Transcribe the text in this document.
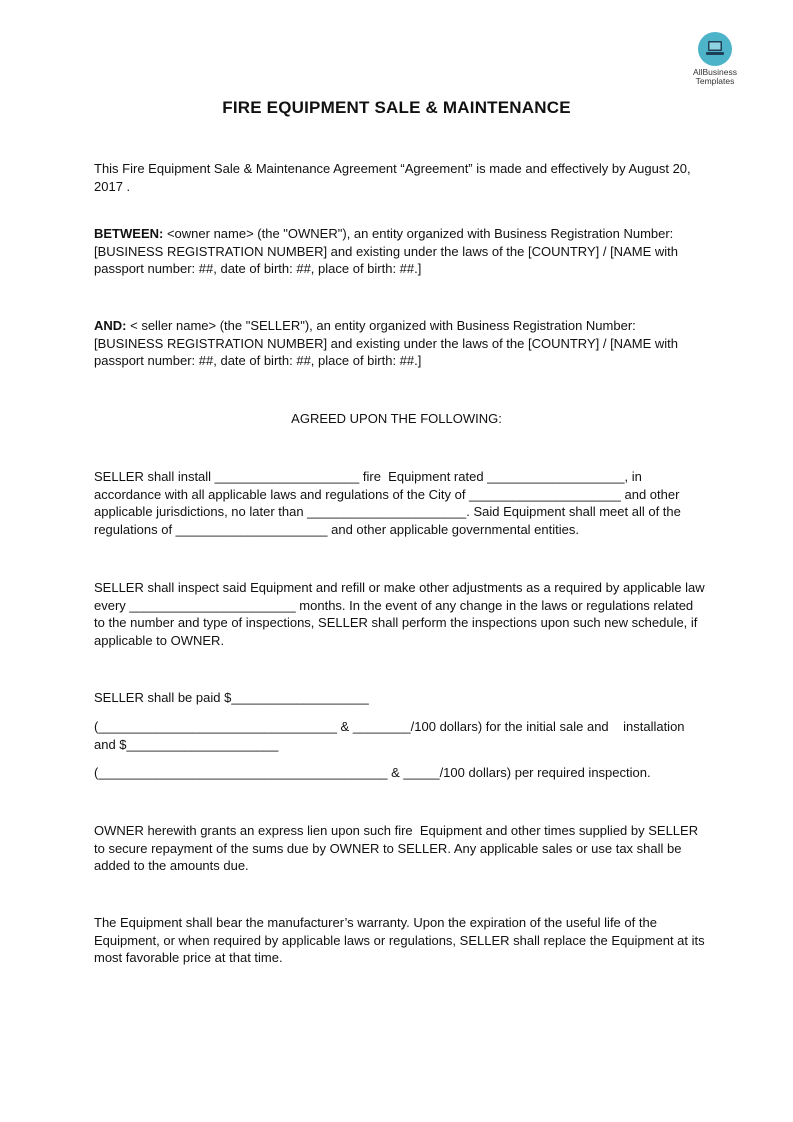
AllBusiness
Templates
FIRE EQUIPMENT SALE & MAINTENANCE

This Fire Equipment Sale & Maintenance Agreement “Agreement” is made and effectively by August 20, 2017 .

BETWEEN: <owner name> (the "OWNER"), an entity organized with Business Registration Number: [BUSINESS REGISTRATION NUMBER] and existing under the laws of the [COUNTRY] / [NAME with passport number: ##, date of birth: ##, place of birth: ##.]

AND: < seller name> (the "SELLER"), an entity organized with Business Registration Number: [BUSINESS REGISTRATION NUMBER] and existing under the laws of the [COUNTRY] / [NAME with passport number: ##, date of birth: ##, place of birth: ##.]

AGREED UPON THE FOLLOWING:

SELLER shall install ____________________ fire  Equipment rated ___________________, in accordance with all applicable laws and regulations of the City of _____________________ and other applicable jurisdictions, no later than ______________________. Said Equipment shall meet all of the regulations of _____________________ and other applicable governmental entities.

SELLER shall inspect said Equipment and refill or make other adjustments as a required by applicable law every _______________________ months. In the event of any change in the laws or regulations related to the number and type of inspections, SELLER shall perform the inspections upon such new schedule, if applicable to OWNER.

SELLER shall be paid $___________________

(_________________________________ & ________/100 dollars) for the initial sale and    installation and $_____________________

(________________________________________ & _____/100 dollars) per required inspection.

OWNER herewith grants an express lien upon such fire  Equipment and other times supplied by SELLER to secure repayment of the sums due by OWNER to SELLER. Any applicable sales or use tax shall be added to the amounts due.

The Equipment shall bear the manufacturer’s warranty. Upon the expiration of the useful life of the Equipment, or when required by applicable laws or regulations, SELLER shall replace the Equipment at its most favorable price at that time.
